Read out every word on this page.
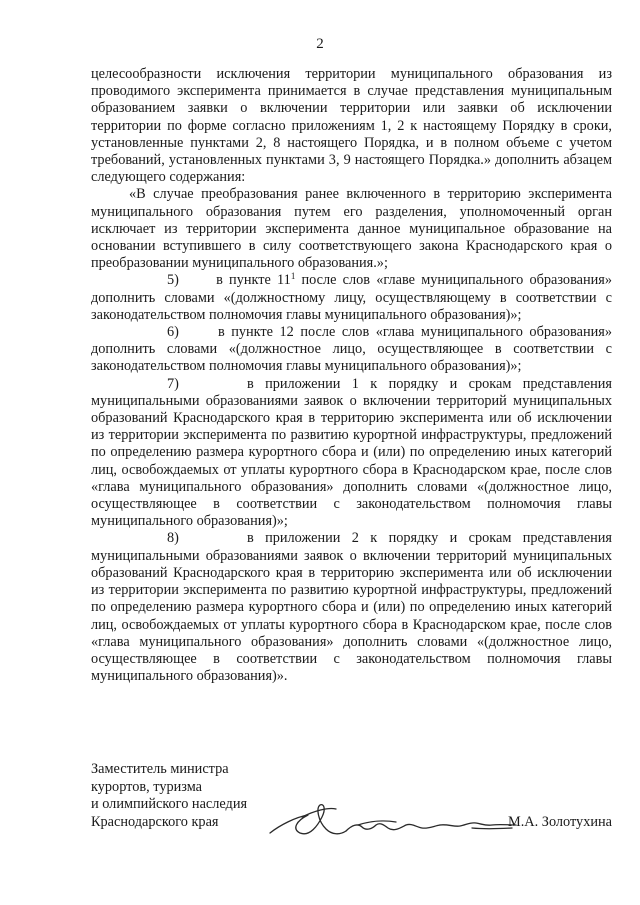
2

целесообразности исключения территории муниципального образования из проводимого эксперимента принимается в случае представления муниципальным образованием заявки о включении территории или заявки об исключении территории по форме согласно приложениям 1, 2 к настоящему Порядку в сроки, установленные пунктами 2, 8 настоящего Порядка, и в полном объеме с учетом требований, установленных пунктами 3, 9 настоящего Порядка.» дополнить абзацем следующего содержания:

«В случае преобразования ранее включенного в территорию эксперимента муниципального образования путем его разделения, уполномоченный орган исключает из территории эксперимента данное муниципальное образование на основании вступившего в силу соответствующего закона Краснодарского края о преобразовании муниципального образования.»;

5)	в пункте $11^1$ после слов «главе муниципального образования» дополнить словами «(должностному лицу, осуществляющему в соответствии с законодательством полномочия главы муниципального образования)»;

6)	в пункте 12 после слов «глава муниципального образования» дополнить словами «(должностное лицо, осуществляющее в соответствии с законодательством полномочия главы муниципального образования)»;

7)	в приложении 1 к порядку и срокам представления муниципальными образованиями заявок о включении территорий муниципальных образований Краснодарского края в территорию эксперимента или об исключении из территории эксперимента по развитию курортной инфраструктуры, предложений по определению размера курортного сбора и (или) по определению иных категорий лиц, освобождаемых от уплаты курортного сбора в Краснодарском крае, после слов «глава муниципального образования» дополнить словами «(должностное лицо, осуществляющее в соответствии с законодательством полномочия главы муниципального образования)»;

8)	в приложении 2 к порядку и срокам представления муниципальными образованиями заявок о включении территорий муниципальных образований Краснодарского края в территорию эксперимента или об исключении из территории эксперимента по развитию курортной инфраструктуры, предложений по определению размера курортного сбора и (или) по определению иных категорий лиц, освобождаемых от уплаты курортного сбора в Краснодарском крае, после слов «глава муниципального образования» дополнить словами «(должностное лицо, осуществляющее в соответствии с законодательством полномочия главы муниципального образования)».

Заместитель министра
курортов, туризма
и олимпийского наследия
Краснодарского края	М.А. Золотухина
